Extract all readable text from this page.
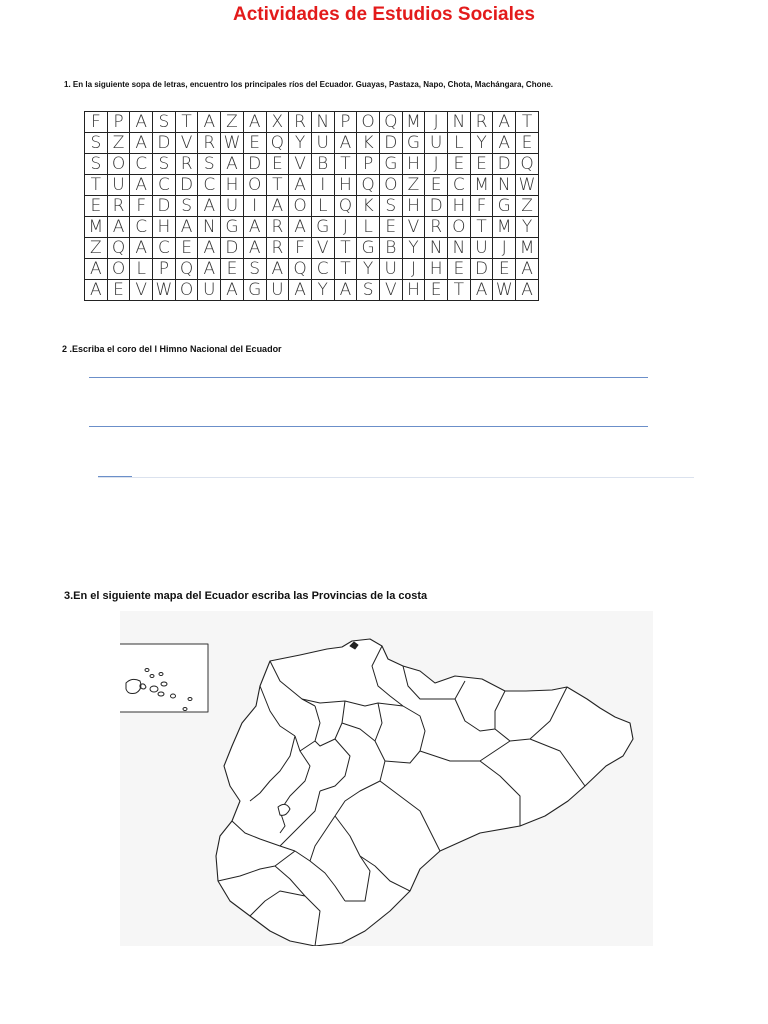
Actividades de Estudios Sociales
1. En la siguiente sopa de letras, encuentro los principales ríos del Ecuador. Guayas, Pastaza, Napo, Chota, Machángara, Chone.
F	P	A	S	T	A	Z	A	X	R	N	P	O	Q	M	J	N	R	A	T
S	Z	A	D	V	R	W	E	Q	Y	U	A	K	D	G	U	L	Y	A	E
S	O	C	S	R	S	A	D	E	V	B	T	P	G	H	J	E	E	D	Q
T	U	A	C	D	C	H	O	T	A	I	H	Q	O	Z	E	C	M	N	W
E	R	F	D	S	A	U	I	A	O	L	Q	K	S	H	D	H	F	G	Z
M	A	C	H	A	N	G	A	R	A	G	J	L	E	V	R	O	T	M	Y
Z	Q	A	C	E	A	D	A	R	F	V	T	G	B	Y	N	N	U	J	M
A	O	L	P	Q	A	E	S	A	Q	C	T	Y	U	J	H	E	D	E	A
A	E	V	W	O	U	A	G	U	A	Y	A	S	V	H	E	T	A	W	A
2 .Escriba el coro del l Himno Nacional del Ecuador
3.En el siguiente mapa del Ecuador escriba las Provincias de la costa
